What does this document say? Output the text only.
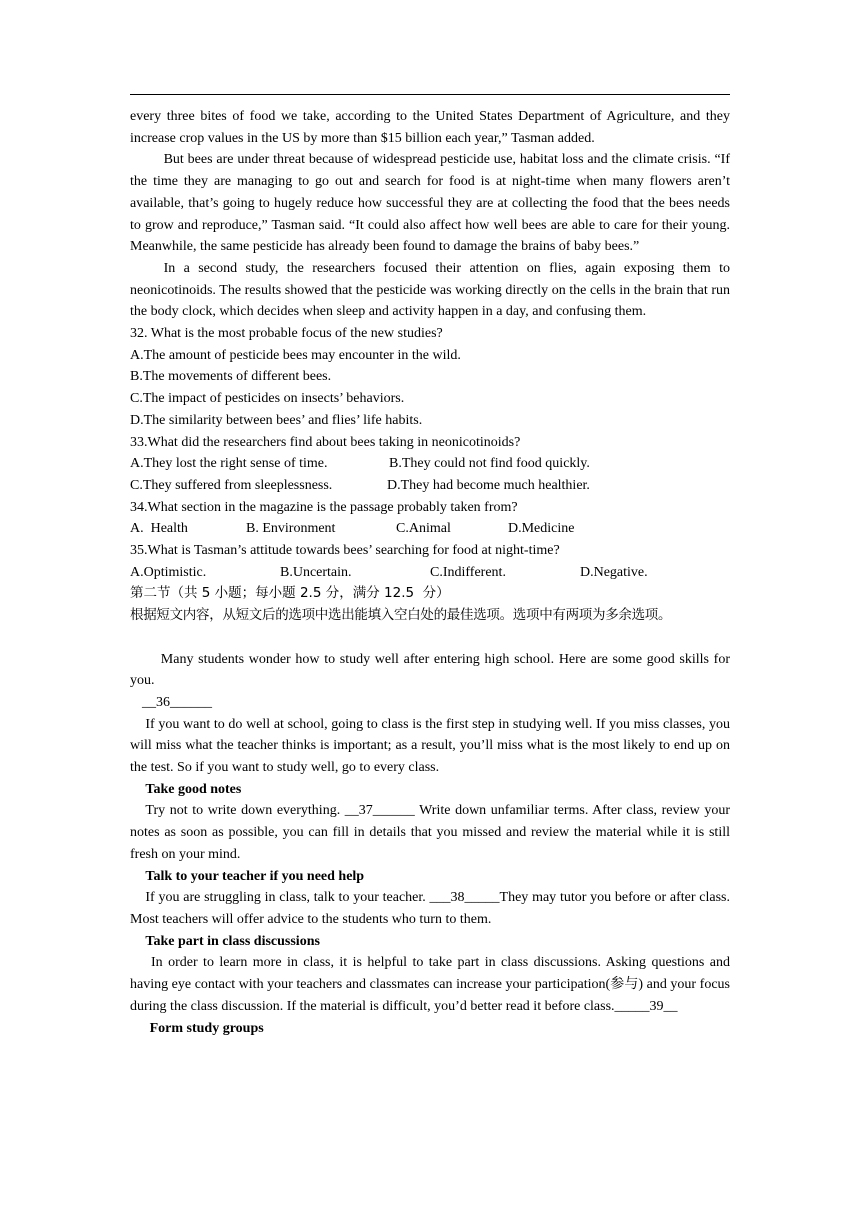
every three bites of food we take, according to the United States Department of Agriculture, and they increase crop values in the US by more than $15 billion each year,” Tasman added.

But bees are under threat because of widespread pesticide use, habitat loss and the climate crisis. “If the time they are managing to go out and search for food is at night-time when many flowers aren’t available, that’s going to hugely reduce how successful they are at collecting the food that the bees needs to grow and reproduce,” Tasman said. “It could also affect how well bees are able to care for their young. Meanwhile, the same pesticide has already been found to damage the brains of baby bees.”

In a second study, the researchers focused their attention on flies, again exposing them to neonicotinoids. The results showed that the pesticide was working directly on the cells in the brain that run the body clock, which decides when sleep and activity happen in a day, and confusing them.

32. What is the most probable focus of the new studies?

A.The amount of pesticide bees may encounter in the wild.

B.The movements of different bees.

C.The impact of pesticides on insects’ behaviors.

D.The similarity between bees’ and flies’ life habits.

33.What did the researchers find about bees taking in neonicotinoids?

A.They lost the right sense of time.	B.They could not find food quickly.
C.They suffered from sleeplessness.	D.They had become much healthier.

34.What section in the magazine is the passage probably taken from?

A.  Health	B. Environment	C.Animal	D.Medicine

35.What is Tasman’s attitude towards bees’ searching for food at night-time?

A.Optimistic.	B.Uncertain.	C.Indifferent.	D.Negative.

第二节（共 5 小题；每小题 2.5 分，满分 12.5  分）

根据短文内容，从短文后的选项中选出能填入空白处的最佳选项。选项中有两项为多余选项。

Many students wonder how to study well after entering high school. Here are some good skills for you.

__36______

If you want to do well at school, going to class is the first step in studying well. If you miss classes, you will miss what the teacher thinks is important; as a result, you’ll miss what is the most likely to end up on the test. So if you want to study well, go to every class.

Take good notes

Try not to write down everything. __37______ Write down unfamiliar terms. After class, review your notes as soon as possible, you can fill in details that you missed and review the material while it is still fresh on your mind.

Talk to your teacher if you need help

If you are struggling in class, talk to your teacher. ___38_____They may tutor you before or after class. Most teachers will offer advice to the students who turn to them.

Take part in class discussions

In order to learn more in class, it is helpful to take part in class discussions. Asking questions and having eye contact with your teachers and classmates can increase your participation(参与) and your focus during the class discussion. If the material is difficult, you’d better read it before class._____39__

Form study groups
